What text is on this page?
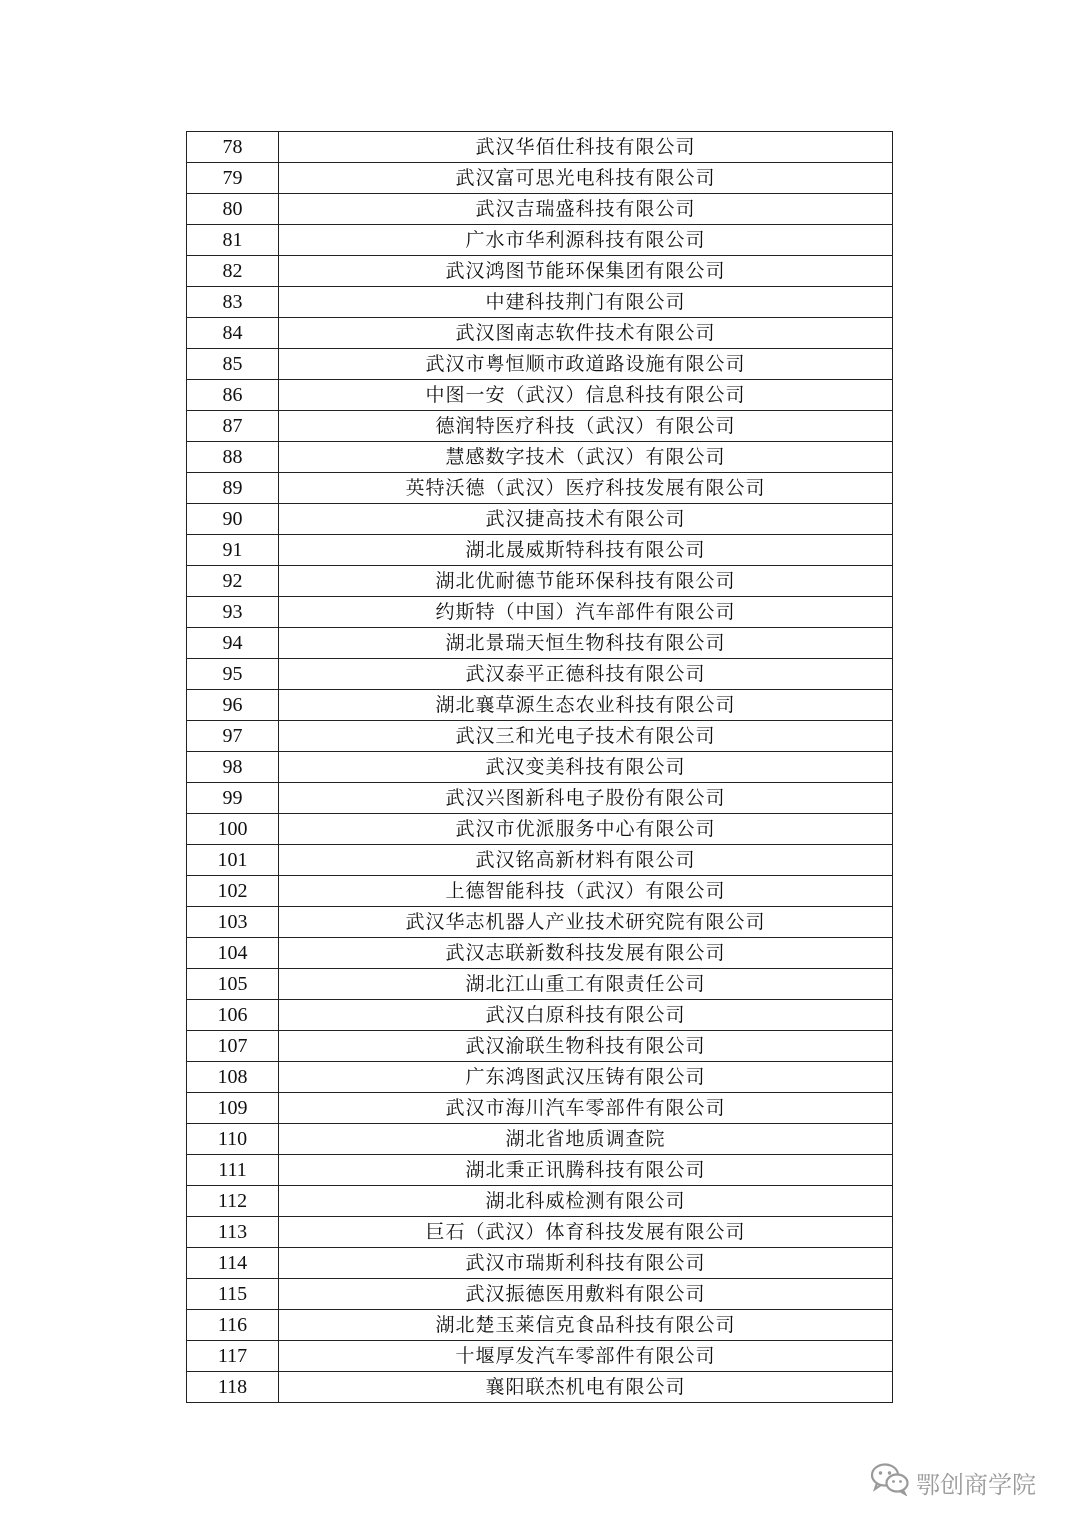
78	武汉华佰仕科技有限公司
79	武汉富可思光电科技有限公司
80	武汉吉瑞盛科技有限公司
81	广水市华利源科技有限公司
82	武汉鸿图节能环保集团有限公司
83	中建科技荆门有限公司
84	武汉图南志软件技术有限公司
85	武汉市粤恒顺市政道路设施有限公司
86	中图一安（武汉）信息科技有限公司
87	德润特医疗科技（武汉）有限公司
88	慧感数字技术（武汉）有限公司
89	英特沃德（武汉）医疗科技发展有限公司
90	武汉捷高技术有限公司
91	湖北晟威斯特科技有限公司
92	湖北优耐德节能环保科技有限公司
93	约斯特（中国）汽车部件有限公司
94	湖北景瑞天恒生物科技有限公司
95	武汉泰平正德科技有限公司
96	湖北襄草源生态农业科技有限公司
97	武汉三和光电子技术有限公司
98	武汉变美科技有限公司
99	武汉兴图新科电子股份有限公司
100	武汉市优派服务中心有限公司
101	武汉铭高新材料有限公司
102	上德智能科技（武汉）有限公司
103	武汉华志机器人产业技术研究院有限公司
104	武汉志联新数科技发展有限公司
105	湖北江山重工有限责任公司
106	武汉白原科技有限公司
107	武汉渝联生物科技有限公司
108	广东鸿图武汉压铸有限公司
109	武汉市海川汽车零部件有限公司
110	湖北省地质调查院
111	湖北秉正讯腾科技有限公司
112	湖北科威检测有限公司
113	巨石（武汉）体育科技发展有限公司
114	武汉市瑞斯利科技有限公司
115	武汉振德医用敷料有限公司
116	湖北楚玉莱信克食品科技有限公司
117	十堰厚发汽车零部件有限公司
118	襄阳联杰机电有限公司
鄂创商学院
